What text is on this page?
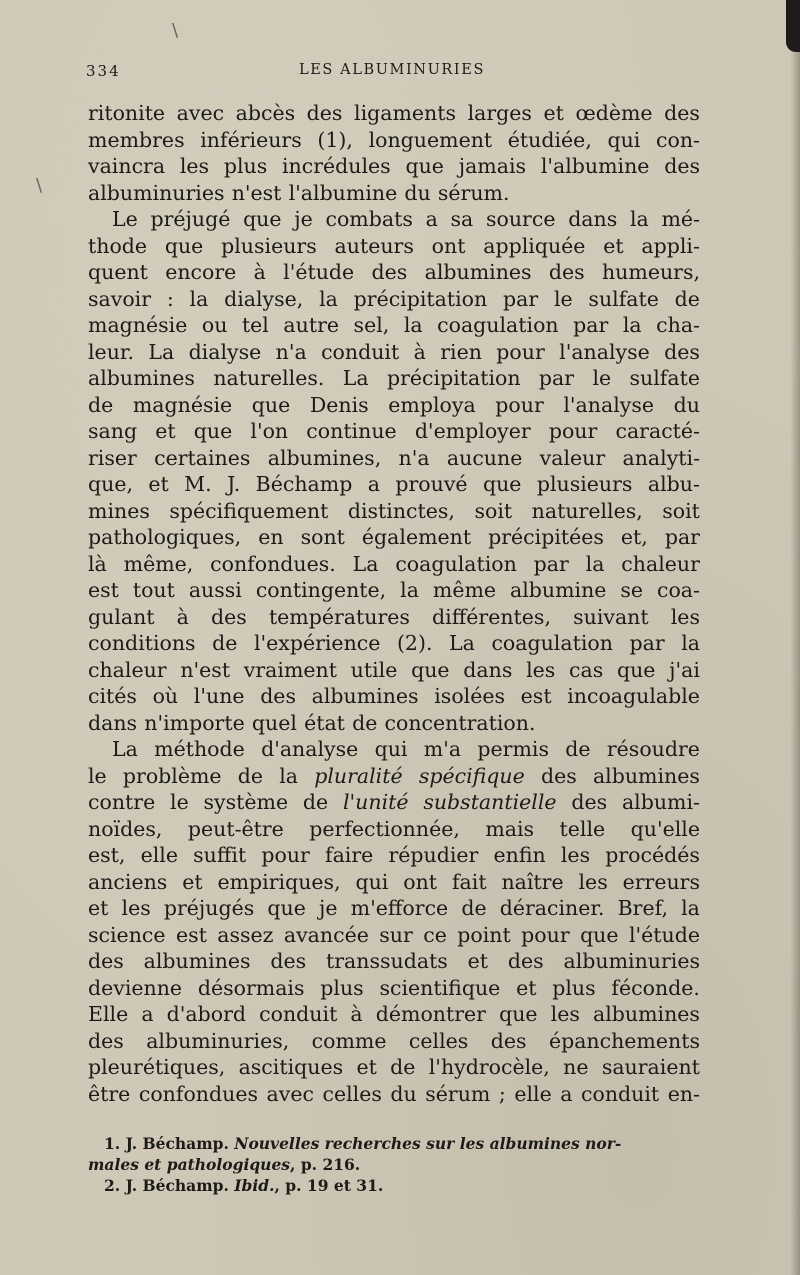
\
\
334	LES ALBUMINURIES
ritonite avec abcès des ligaments larges et œdème des
membres inférieurs (1), longuement étudiée, qui con-
vaincra les plus incrédules que jamais l'albumine des
albuminuries n'est l'albumine du sérum.
Le préjugé que je combats a sa source dans la mé-
thode que plusieurs auteurs ont appliquée et appli-
quent encore à l'étude des albumines des humeurs,
savoir : la dialyse, la précipitation par le sulfate de
magnésie ou tel autre sel, la coagulation par la cha-
leur. La dialyse n'a conduit à rien pour l'analyse des
albumines naturelles. La précipitation par le sulfate
de magnésie que Denis employa pour l'analyse du
sang et que l'on continue d'employer pour caracté-
riser certaines albumines, n'a aucune valeur analyti-
que, et M. J. Béchamp a prouvé que plusieurs albu-
mines spécifiquement distinctes, soit naturelles, soit
pathologiques, en sont également précipitées et, par
là même, confondues. La coagulation par la chaleur
est tout aussi contingente, la même albumine se coa-
gulant à des températures différentes, suivant les
conditions de l'expérience (2). La coagulation par la
chaleur n'est vraiment utile que dans les cas que j'ai
cités où l'une des albumines isolées est incoagulable
dans n'importe quel état de concentration.
La méthode d'analyse qui m'a permis de résoudre
le problème de la pluralité spécifique des albumines
contre le système de l'unité substantielle des albumi-
noïdes, peut-être perfectionnée, mais telle qu'elle
est, elle suffit pour faire répudier enfin les procédés
anciens et empiriques, qui ont fait naître les erreurs
et les préjugés que je m'efforce de déraciner. Bref, la
science est assez avancée sur ce point pour que l'étude
des albumines des transsudats et des albuminuries
devienne désormais plus scientifique et plus féconde.
Elle a d'abord conduit à démontrer que les albumines
des albuminuries, comme celles des épanchements
pleurétiques, ascitiques et de l'hydrocèle, ne sauraient
être confondues avec celles du sérum ; elle a conduit en-
1. J. Béchamp. Nouvelles recherches sur les albumines nor-
males et pathologiques, p. 216.
2. J. Béchamp. Ibid., p. 19 et 31.
